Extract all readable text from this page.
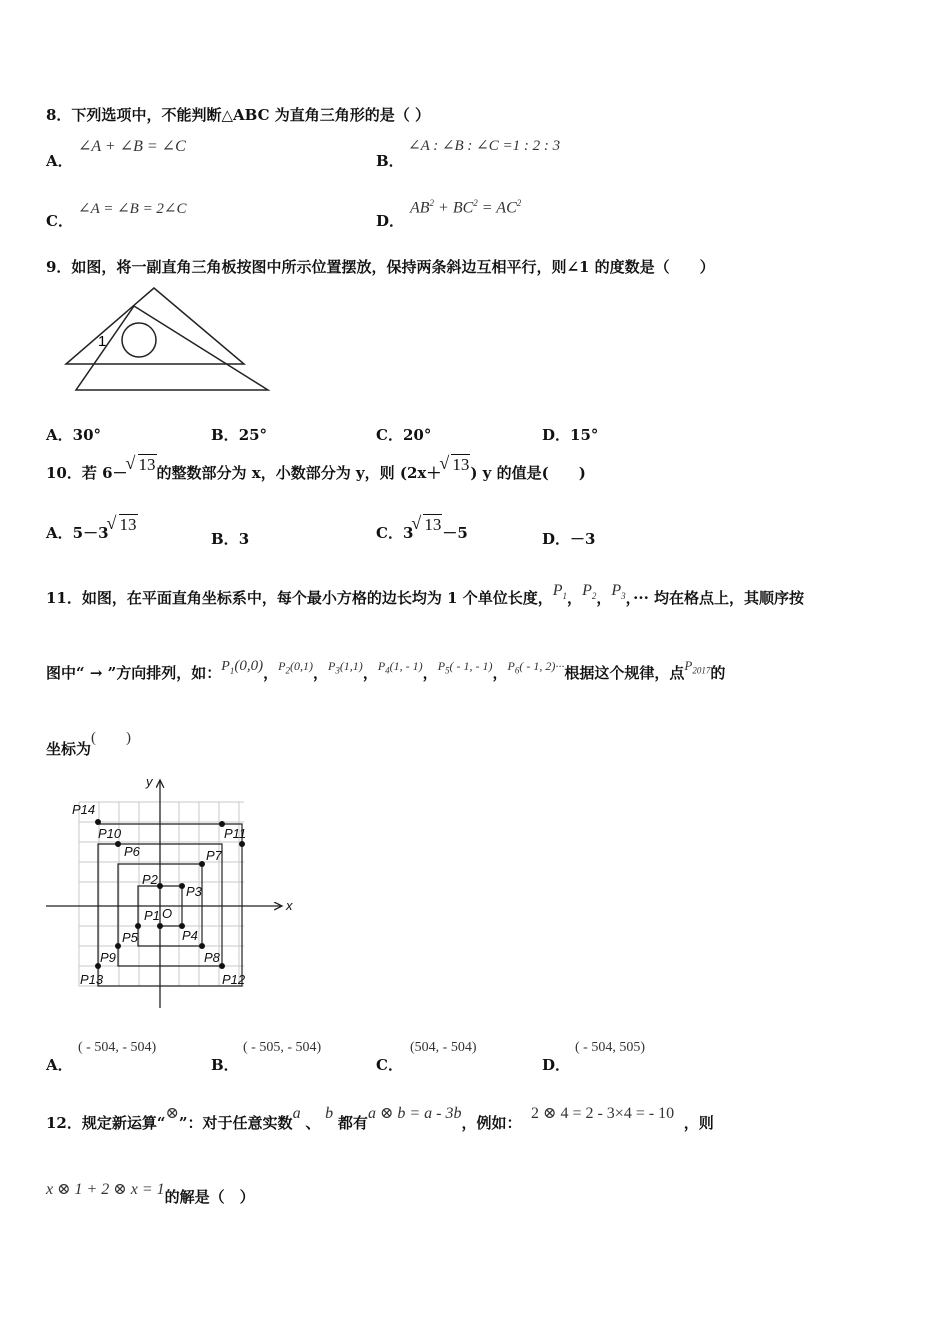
8．下列选项中，不能判断△ABC 为直角三角形的是（ ）
A．
∠A + ∠B = ∠C
B．
∠A : ∠B : ∠C =1 : 2 : 3
C．
∠A = ∠B = 2∠C
D．
$AB^2 + BC^2 = AC^2$
9．如图，将一副直角三角板按图中所示位置摆放，保持两条斜边互相平行，则∠1 的度数是（　　）
1
A．30°	B．25°	C．20°	D．15°
10．若 6－ √ 13的整数部分为 x，小数部分为 y，则 (2x＋ √ 13) y 的值是(　　)
A．5－3 √ 13
B．3	C．3 √ 13－5	D．－3
11．如图，在平面直角坐标系中，每个最小方格的边长均为 1 个单位长度，$P_1$，$P_2$，$P_3$，··· 均在格点上，其顺序按
图中“ → ”方向排列，如：$P_1(0,0)$，$^{P_2(0,1)}$，$^{P_3(1,1)}$，$^{P_4(1, - 1)}$，$^{P_5( - 1, - 1)}$，$^{P_6( - 1, 2)\cdot\cdot\cdot}$根据这个规律，点$P_{2017}$的
坐标为(　　)
x
y
O
P14
P10
P6
P2
P3
P7
P11
P1
P5	P4
P9	P8
P13	P12
A．
( - 504, - 504)
B．
( - 505, - 504)
C．
(504, - 504)
D．
( - 504, 505)
12．规定新运算“⊗”：对于任意实数a 、 b 都有a ⊗ b = a - 3b，例如：  2 ⊗ 4 = 2 - 3×4 = - 10  ，则
x ⊗ 1 + 2 ⊗ x = 1的解是（　）
